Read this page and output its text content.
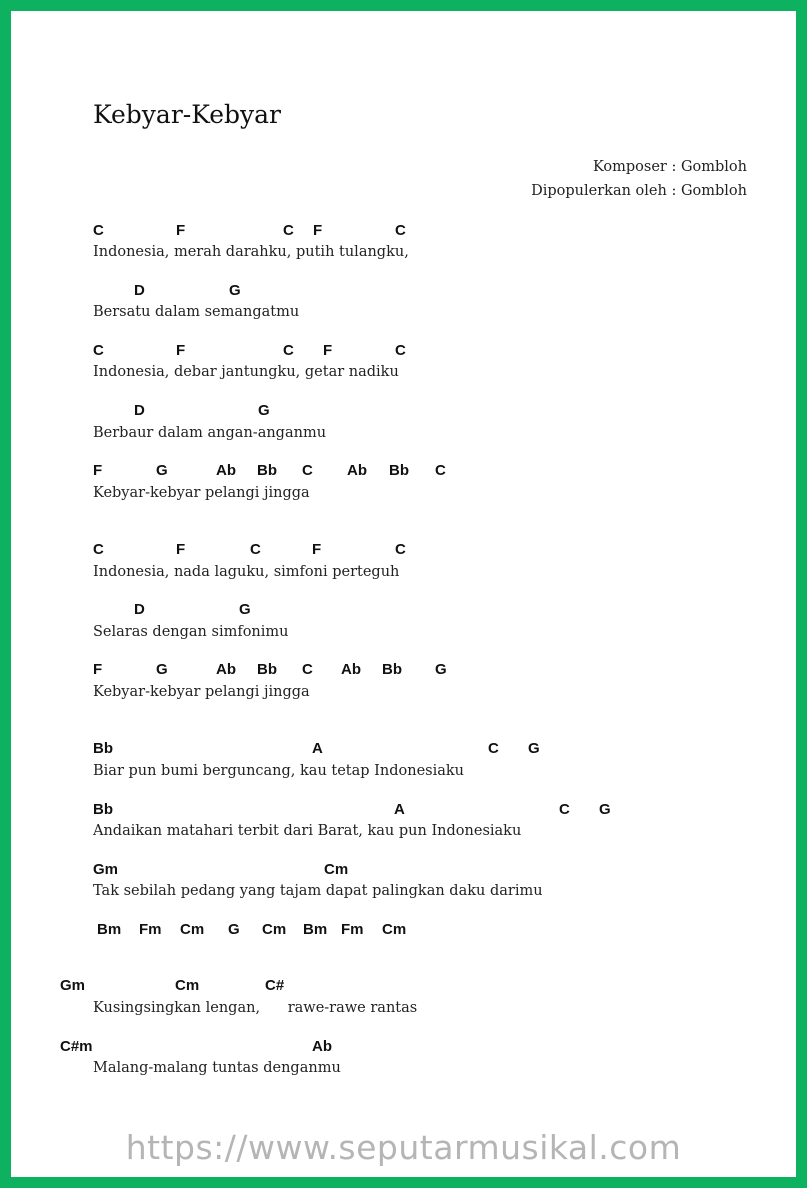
Kebyar-Kebyar
Komposer : Gombloh
Dipopulerkan oleh : Gombloh
C	F	C F	C
Indonesia, merah darahku, putih tulangku,
D	G
Bersatu dalam semangatmu
C	F	C F	C
Indonesia, debar jantungku, getar nadiku
D	G
Berbaur dalam angan-anganmu
F	G	Ab Bb C Ab Bb C
Kebyar-kebyar pelangi jingga
C	F	C	F	C
Indonesia, nada laguku, simfoni perteguh
D	G
Selaras dengan simfonimu
F	G	Ab Bb C Ab Bb G
Kebyar-kebyar pelangi jingga
Bb	A	C G
Biar pun bumi berguncang, kau tetap Indonesiaku
Bb	A	C G
Andaikan matahari terbit dari Barat, kau pun Indonesiaku
Gm	Cm
Tak sebilah pedang yang tajam dapat palingkan daku darimu
Bm Fm Cm G Cm Bm Fm Cm
Gm	Cm	C#
Kusingsingkan lengan,      rawe-rawe rantas
C#m	Ab
Malang-malang tuntas denganmu
https://www.seputarmusikal.com
